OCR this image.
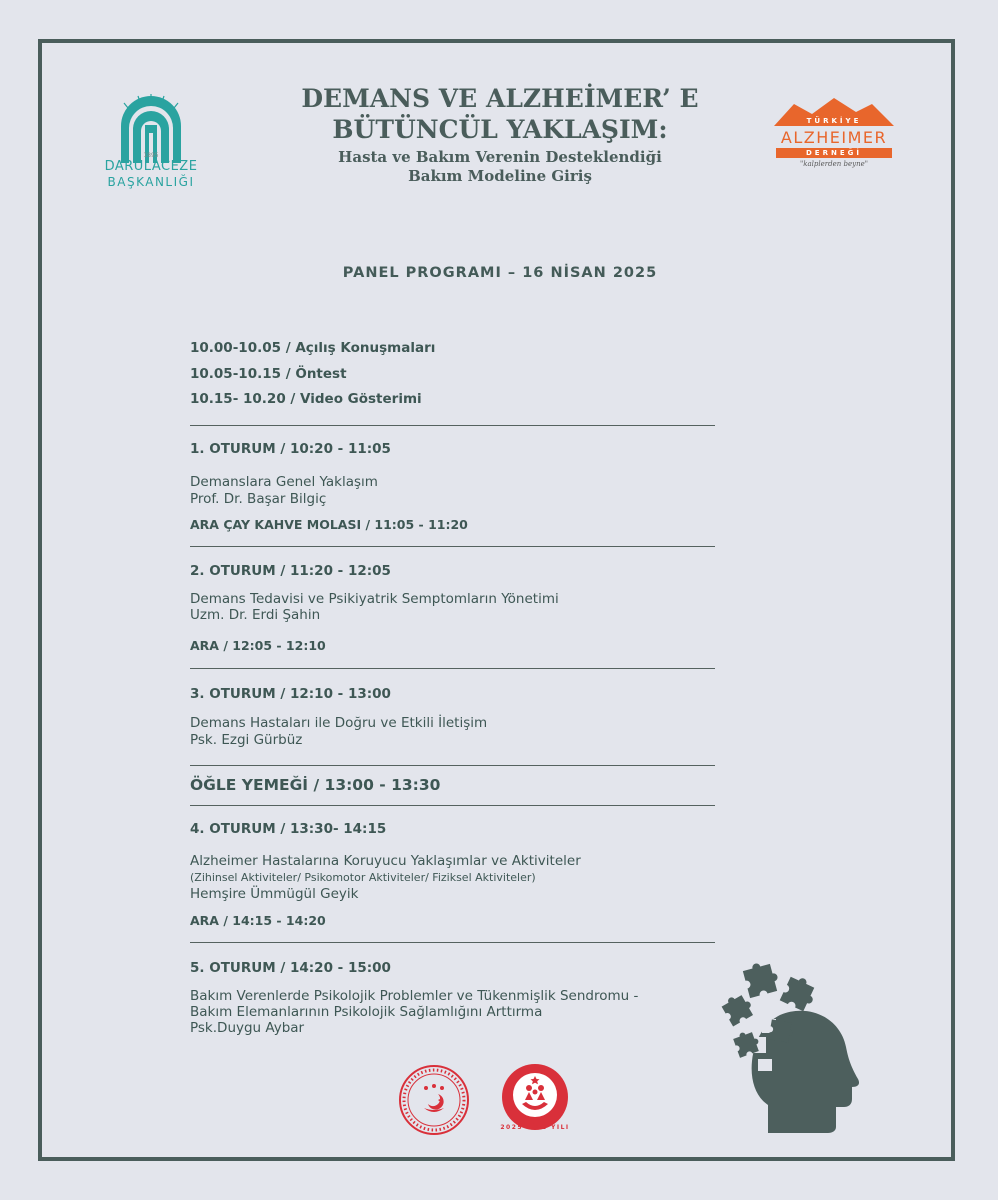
1895
DARÜLACEZE
BAŞKANLIĞI
DEMANS VE ALZHEİMER’ E
BÜTÜNCÜL YAKLAŞIM:
Hasta ve Bakım Verenin Desteklendiği
Bakım Modeline Giriş
TÜRKİYE
ALZHEIMER
DERNEĞİ
"kalplerden beyne"
PANEL PROGRAMI – 16 NİSAN 2025
10.00-10.05 / Açılış Konuşmaları
10.05-10.15 / Öntest
10.15- 10.20 / Video Gösterimi
1. OTURUM / 10:20 - 11:05
Demanslara Genel Yaklaşım
Prof. Dr. Başar Bilgiç
ARA ÇAY KAHVE MOLASI / 11:05 - 11:20
2. OTURUM / 11:20 - 12:05
Demans Tedavisi ve Psikiyatrik Semptomların Yönetimi
Uzm. Dr. Erdi Şahin
ARA / 12:05 - 12:10
3. OTURUM / 12:10 - 13:00
Demans Hastaları ile Doğru ve Etkili İletişim
Psk. Ezgi Gürbüz
ÖĞLE YEMEĞİ / 13:00 - 13:30
4. OTURUM / 13:30- 14:15
Alzheimer Hastalarına Koruyucu Yaklaşımlar ve Aktiviteler
(Zihinsel Aktiviteler/ Psikomotor Aktiviteler/ Fiziksel Aktiviteler)
Hemşire Ümmügül Geyik
ARA / 14:15 - 14:20
5. OTURUM / 14:20 - 15:00
Bakım Verenlerde Psikolojik Problemler ve Tükenmişlik Sendromu -
Bakım Elemanlarının Psikolojik Sağlamlığını Arttırma
Psk.Duygu Aybar
2025 AİLE YILI
